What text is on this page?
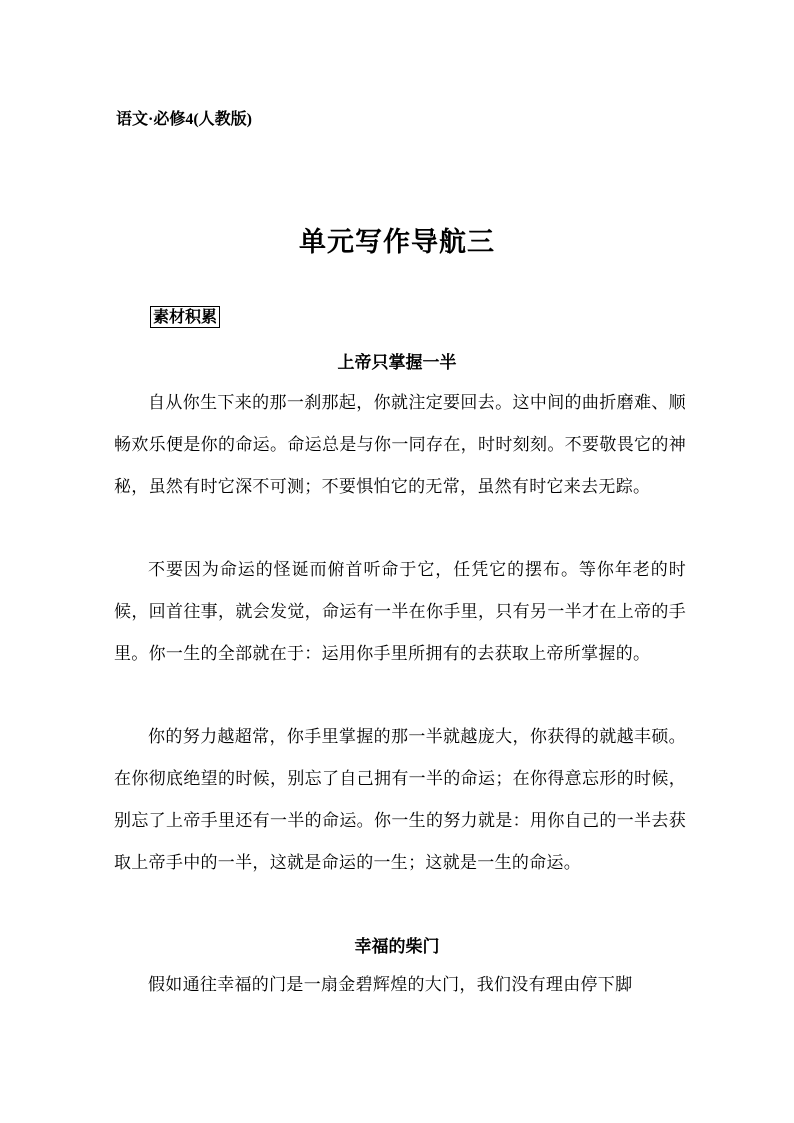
语文·必修4(人教版)
单元写作导航三
素材积累
上帝只掌握一半
自从你生下来的那一刹那起，你就注定要回去。这中间的曲折磨难、顺畅欢乐便是你的命运。命运总是与你一同存在，时时刻刻。不要敬畏它的神秘，虽然有时它深不可测；不要惧怕它的无常，虽然有时它来去无踪。
不要因为命运的怪诞而俯首听命于它，任凭它的摆布。等你年老的时候，回首往事，就会发觉，命运有一半在你手里，只有另一半才在上帝的手里。你一生的全部就在于：运用你手里所拥有的去获取上帝所掌握的。
你的努力越超常，你手里掌握的那一半就越庞大，你获得的就越丰硕。在你彻底绝望的时候，别忘了自己拥有一半的命运；在你得意忘形的时候，别忘了上帝手里还有一半的命运。你一生的努力就是：用你自己的一半去获取上帝手中的一半，这就是命运的一生；这就是一生的命运。
幸福的柴门
假如通往幸福的门是一扇金碧辉煌的大门，我们没有理由停下脚
